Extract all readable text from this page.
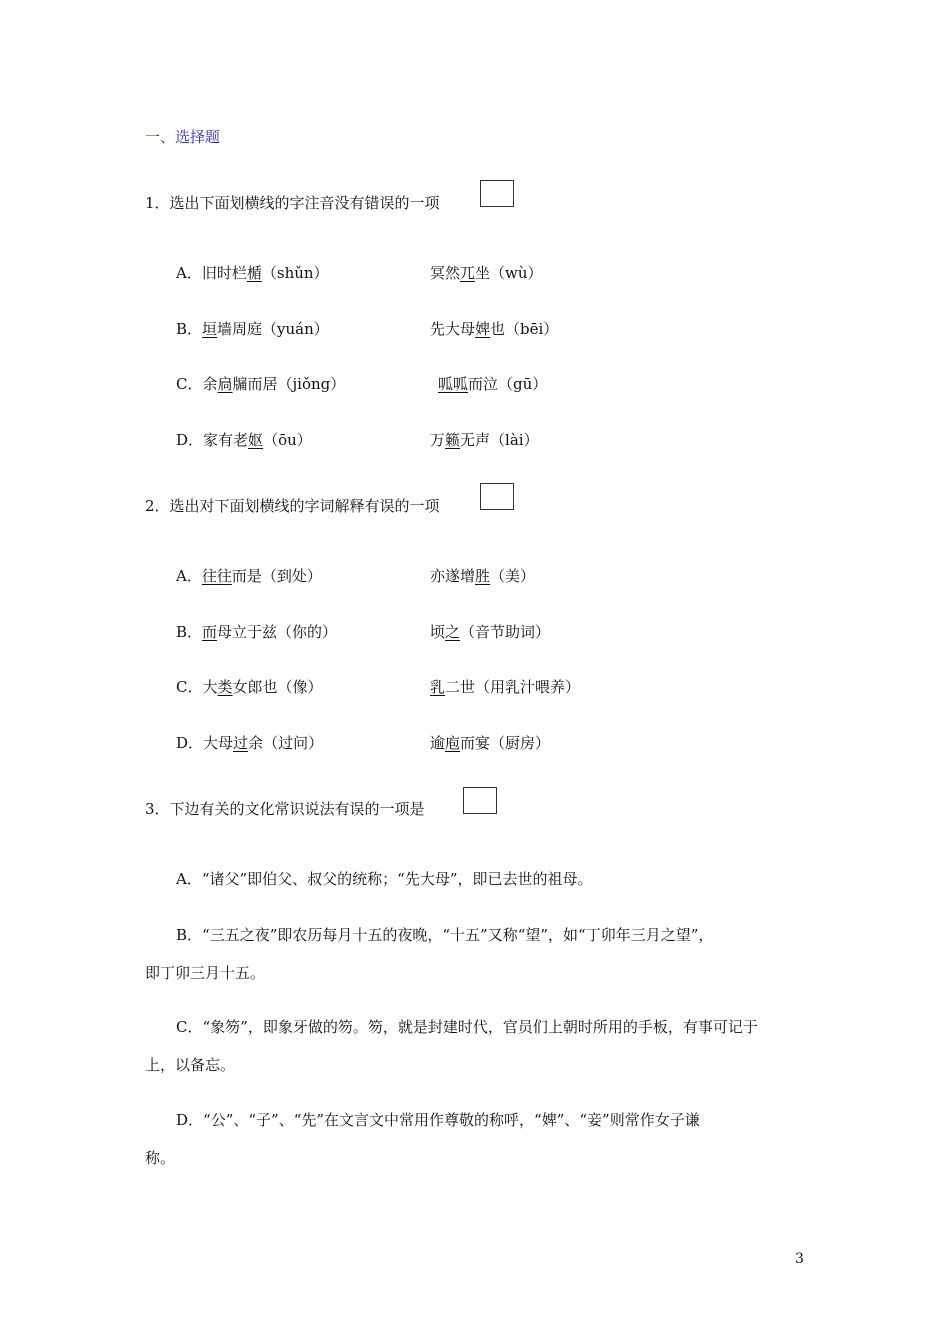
一、选择题
1．选出下面划横线的字注音没有错误的一项
A．旧时栏楯（shǔn）	冥然兀坐（wù）
B．垣墙周庭（yuán）	先大母婢也（bēi）
C．余扃牖而居（jiǒng）	呱呱而泣（gū）
D．家有老妪（ōu）	万籁无声（lài）
2．选出对下面划横线的字词解释有误的一项
A．往往而是（到处）	亦遂增胜（美）
B．而母立于兹（你的）	顷之（音节助词）
C．大类女郎也（像）	乳二世（用乳汁喂养）
D．大母过余（过问）	逾庖而宴（厨房）
3．下边有关的文化常识说法有误的一项是
A．“诸父”即伯父、叔父的统称；“先大母”，即已去世的祖母。
B．“三五之夜”即农历每月十五的夜晚，“十五”又称“望”，如“丁卯年三月之望”，
即丁卯三月十五。
C．“象笏”，即象牙做的笏。笏，就是封建时代，官员们上朝时所用的手板，有事可记于
上，以备忘。
D．“公”、“子”、“先”在文言文中常用作尊敬的称呼，“婢”、“妾”则常作女子谦
称。
3
